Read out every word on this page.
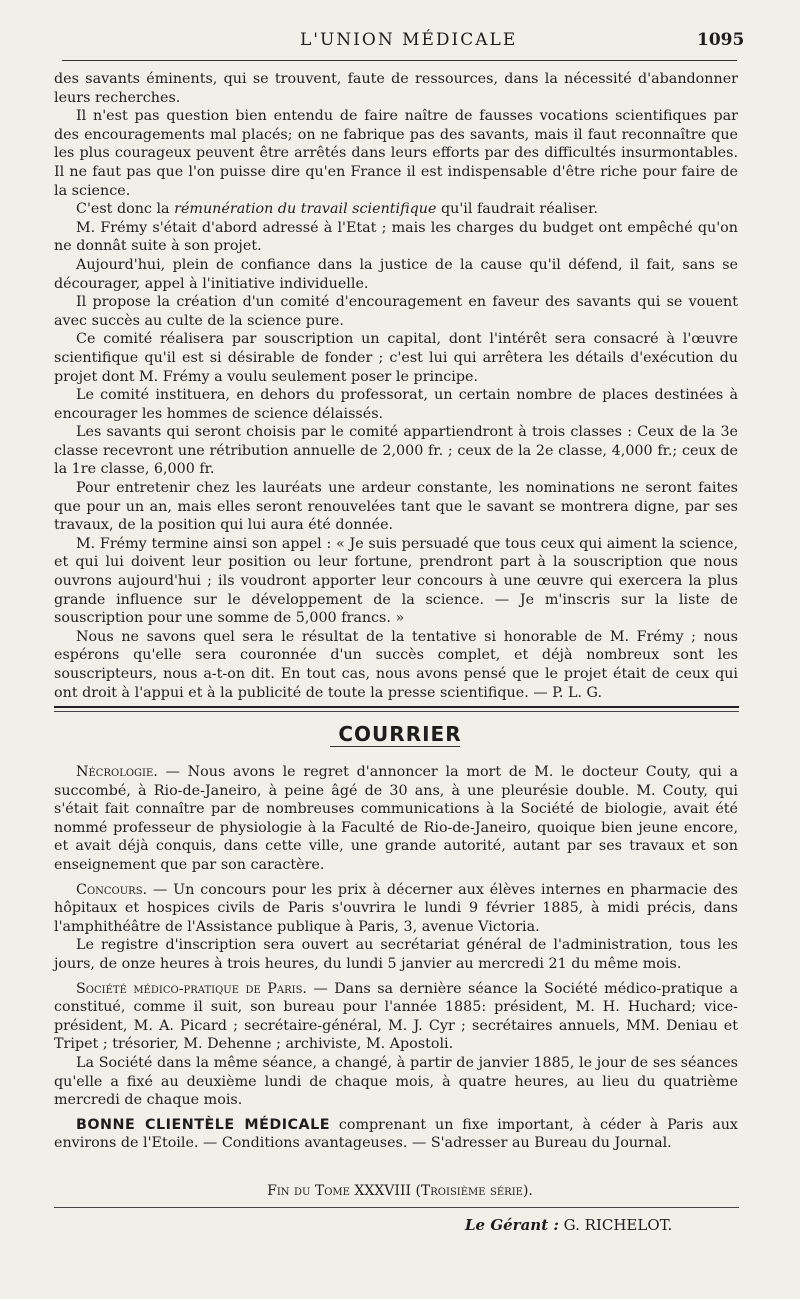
L'UNION MÉDICALE	1095

des savants éminents, qui se trouvent, faute de ressources, dans la nécessité d'abandonner leurs recherches.

Il n'est pas question bien entendu de faire naître de fausses vocations scientifiques par des encouragements mal placés; on ne fabrique pas des savants, mais il faut reconnaître que les plus courageux peuvent être arrêtés dans leurs efforts par des difficultés insurmontables. Il ne faut pas que l'on puisse dire qu'en France il est indispensable d'être riche pour faire de la science.

C'est donc la rémunération du travail scientifique qu'il faudrait réaliser.

M. Frémy s'était d'abord adressé à l'Etat ; mais les charges du budget ont empêché qu'on ne donnât suite à son projet.

Aujourd'hui, plein de confiance dans la justice de la cause qu'il défend, il fait, sans se décourager, appel à l'initiative individuelle.

Il propose la création d'un comité d'encouragement en faveur des savants qui se vouent avec succès au culte de la science pure.

Ce comité réalisera par souscription un capital, dont l'intérêt sera consacré à l'œuvre scientifique qu'il est si désirable de fonder ; c'est lui qui arrêtera les détails d'exécution du projet dont M. Frémy a voulu seulement poser le principe.

Le comité instituera, en dehors du professorat, un certain nombre de places destinées à encourager les hommes de science délaissés.

Les savants qui seront choisis par le comité appartiendront à trois classes : Ceux de la 3e classe recevront une rétribution annuelle de 2,000 fr. ; ceux de la 2e classe, 4,000 fr.; ceux de la 1re classe, 6,000 fr.

Pour entretenir chez les lauréats une ardeur constante, les nominations ne seront faites que pour un an, mais elles seront renouvelées tant que le savant se montrera digne, par ses travaux, de la position qui lui aura été donnée.

M. Frémy termine ainsi son appel : « Je suis persuadé que tous ceux qui aiment la science, et qui lui doivent leur position ou leur fortune, prendront part à la souscription que nous ouvrons aujourd'hui ; ils voudront apporter leur concours à une œuvre qui exercera la plus grande influence sur le développement de la science. — Je m'inscris sur la liste de souscription pour une somme de 5,000 francs. »

Nous ne savons quel sera le résultat de la tentative si honorable de M. Frémy ; nous espérons qu'elle sera couronnée d'un succès complet, et déjà nombreux sont les souscripteurs, nous a-t-on dit. En tout cas, nous avons pensé que le projet était de ceux qui ont droit à l'appui et à la publicité de toute la presse scientifique. — P. L. G.

COURRIER

Nécrologie. — Nous avons le regret d'annoncer la mort de M. le docteur Couty, qui a succombé, à Rio-de-Janeiro, à peine âgé de 30 ans, à une pleurésie double. M. Couty, qui s'était fait connaître par de nombreuses communications à la Société de biologie, avait été nommé professeur de physiologie à la Faculté de Rio-de-Janeiro, quoique bien jeune encore, et avait déjà conquis, dans cette ville, une grande autorité, autant par ses travaux et son enseignement que par son caractère.

Concours. — Un concours pour les prix à décerner aux élèves internes en pharmacie des hôpitaux et hospices civils de Paris s'ouvrira le lundi 9 février 1885, à midi précis, dans l'amphithéâtre de l'Assistance publique à Paris, 3, avenue Victoria.

Le registre d'inscription sera ouvert au secrétariat général de l'administration, tous les jours, de onze heures à trois heures, du lundi 5 janvier au mercredi 21 du même mois.

Société médico-pratique de Paris. — Dans sa dernière séance la Société médico-pratique a constitué, comme il suit, son bureau pour l'année 1885: président, M. H. Huchard; vice-président, M. A. Picard ; secrétaire-général, M. J. Cyr ; secrétaires annuels, MM. Deniau et Tripet ; trésorier, M. Dehenne ; archiviste, M. Apostoli.

La Société dans la même séance, a changé, à partir de janvier 1885, le jour de ses séances qu'elle a fixé au deuxième lundi de chaque mois, à quatre heures, au lieu du quatrième mercredi de chaque mois.

BONNE CLIENTÈLE MÉDICALE comprenant un fixe important, à céder à Paris aux environs de l'Etoile. — Conditions avantageuses. — S'adresser au Bureau du Journal.

Fin du Tome XXXVIII (Troisième série).
Le Gérant : G. RICHELOT.
